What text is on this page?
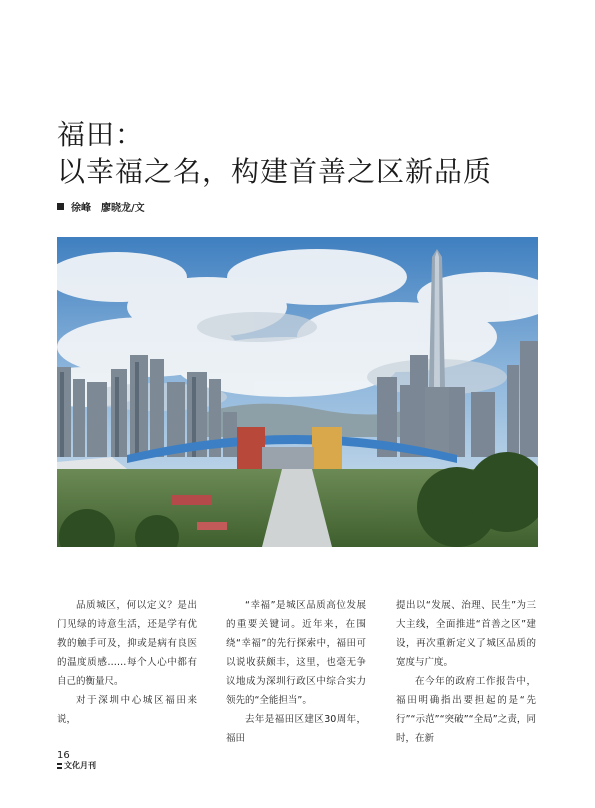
福田：
以幸福之名，构建首善之区新品质
徐峰　廖晓龙/文

品质城区，何以定义？是出门见绿的诗意生活，还是学有优教的触手可及，抑或是病有良医的温度质感……每个人心中都有自己的衡量尺。

对于深圳中心城区福田来说，

“幸福”是城区品质高位发展的重要关键词。近年来，在围绕“幸福”的先行探索中，福田可以说收获颇丰，这里，也毫无争议地成为深圳行政区中综合实力领先的“全能担当”。

去年是福田区建区30周年，福田

提出以“发展、治理、民生”为三大主线，全面推进“首善之区”建设，再次重新定义了城区品质的宽度与广度。

在今年的政府工作报告中，福田明确指出要担起的是“先行”“示范”“突破”“全局”之责，同时，在新

16
文化月刊
